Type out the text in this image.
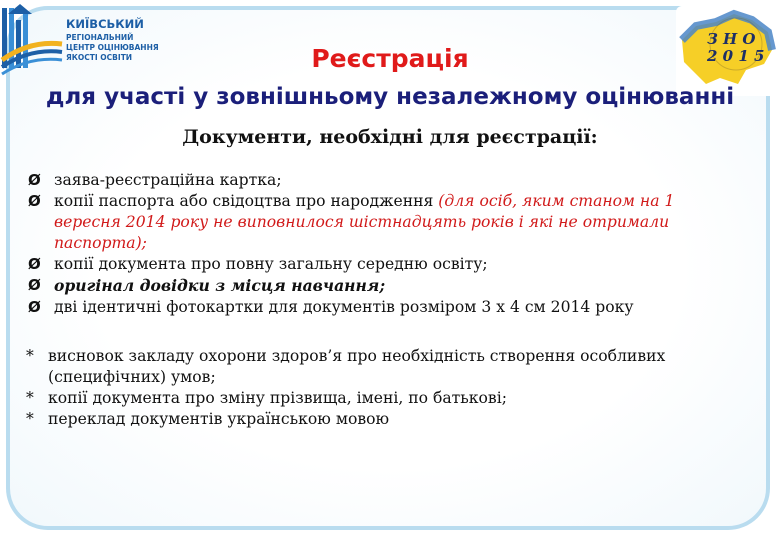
КИЇВСЬКИЙ
РЕГІОНАЛЬНИЙ
ЦЕНТР ОЦІНЮВАННЯ
ЯКОСТІ ОСВІТИ
З Н О
2 0 1 5
Реєстрація
для участі у зовнішньому незалежному оцінюванні
Документи, необхідні для реєстрації:
Ø заява-реєстраційна картка;
Ø копії паспорта або свідоцтва про народження (для осіб, яким станом на 1
вересня 2014 року не виповнилося шістнадцять років і які не отримали
паспорта);
Ø копії документа про повну загальну середню освіту;
Ø оригінал довідки з місця навчання;
Ø дві ідентичні фотокартки для документів розміром 3 х 4 см 2014 року
* висновок закладу охорони здоров’я про необхідність створення особливих
(специфічних) умов;
* копії документа про зміну прізвища, імені, по батькові;
* переклад документів українською мовою
